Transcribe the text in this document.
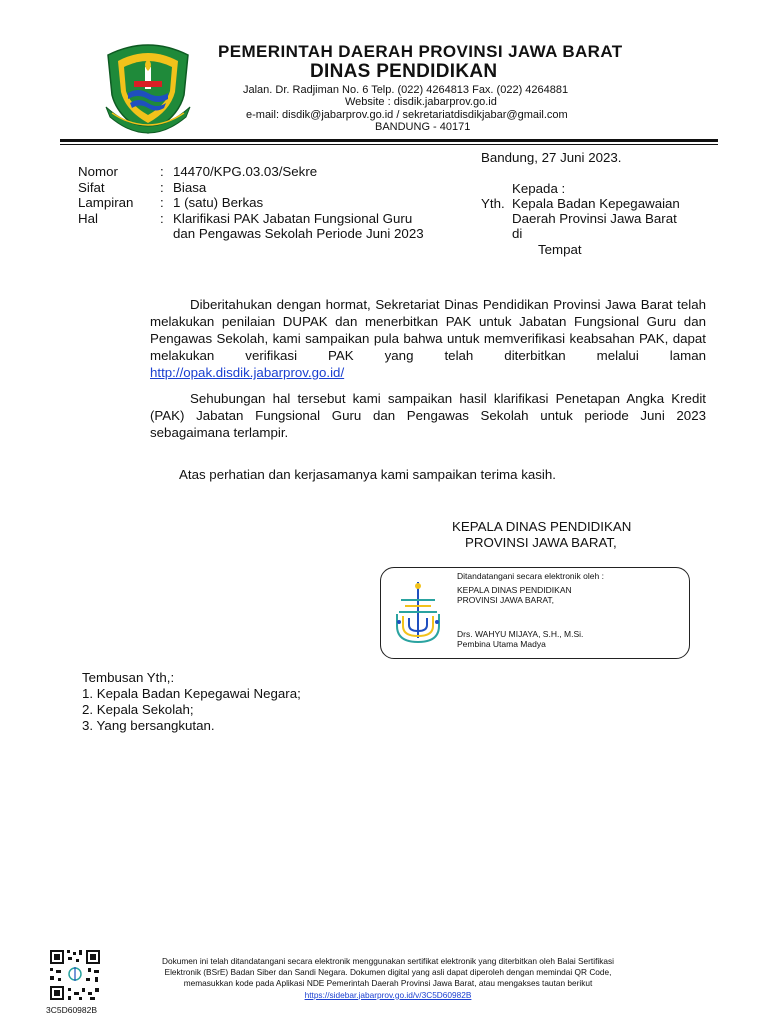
PEMERINTAH DAERAH PROVINSI JAWA BARAT
DINAS PENDIDIKAN
Jalan. Dr. Radjiman No. 6 Telp. (022) 4264813 Fax. (022) 4264881
Website : disdik.jabarprov.go.id
e-mail: disdik@jabarprov.go.id / sekretariatdisdikjabar@gmail.com
BANDUNG - 40171
Bandung, 27 Juni 2023.
Nomor	:	14470/KPG.03.03/Sekre
Sifat	:	Biasa
Lampiran	:	1 (satu) Berkas
Hal	:	Klarifikasi PAK Jabatan Fungsional Guru
dan Pengawas Sekolah Periode Juni 2023
Kepada :
Yth. Kepala Badan Kepegawaian
Daerah Provinsi Jawa Barat
di
Tempat
Diberitahukan dengan hormat, Sekretariat Dinas Pendidikan Provinsi Jawa Barat telah melakukan penilaian DUPAK dan menerbitkan PAK untuk Jabatan Fungsional Guru dan Pengawas Sekolah, kami sampaikan pula bahwa untuk memverifikasi keabsahan PAK, dapat melakukan verifikasi PAK yang telah diterbitkan melalui laman http://opak.disdik.jabarprov.go.id/
Sehubungan hal tersebut kami sampaikan hasil klarifikasi Penetapan Angka Kredit (PAK) Jabatan Fungsional Guru dan Pengawas Sekolah untuk periode Juni 2023 sebagaimana terlampir.
Atas perhatian dan kerjasamanya kami sampaikan terima kasih.
KEPALA DINAS PENDIDIKAN
PROVINSI JAWA BARAT,
Ditandatangani secara elektronik oleh :
KEPALA DINAS PENDIDIKAN
PROVINSI JAWA BARAT,
Drs. WAHYU MIJAYA, S.H., M.Si.
Pembina Utama Madya
Tembusan Yth,:
1. Kepala Badan Kepegawai Negara;
2. Kepala Sekolah;
3. Yang bersangkutan.
3C5D60982B
Dokumen ini telah ditandatangani secara elektronik menggunakan sertifikat elektronik yang diterbitkan oleh Balai Sertifikasi
Elektronik (BSrE) Badan Siber dan Sandi Negara. Dokumen digital yang asli dapat diperoleh dengan memindai QR Code,
memasukkan kode pada Aplikasi NDE Pemerintah Daerah Provinsi Jawa Barat, atau mengakses tautan berikut
https://sidebar.jabarprov.go.id/v/3C5D60982B
